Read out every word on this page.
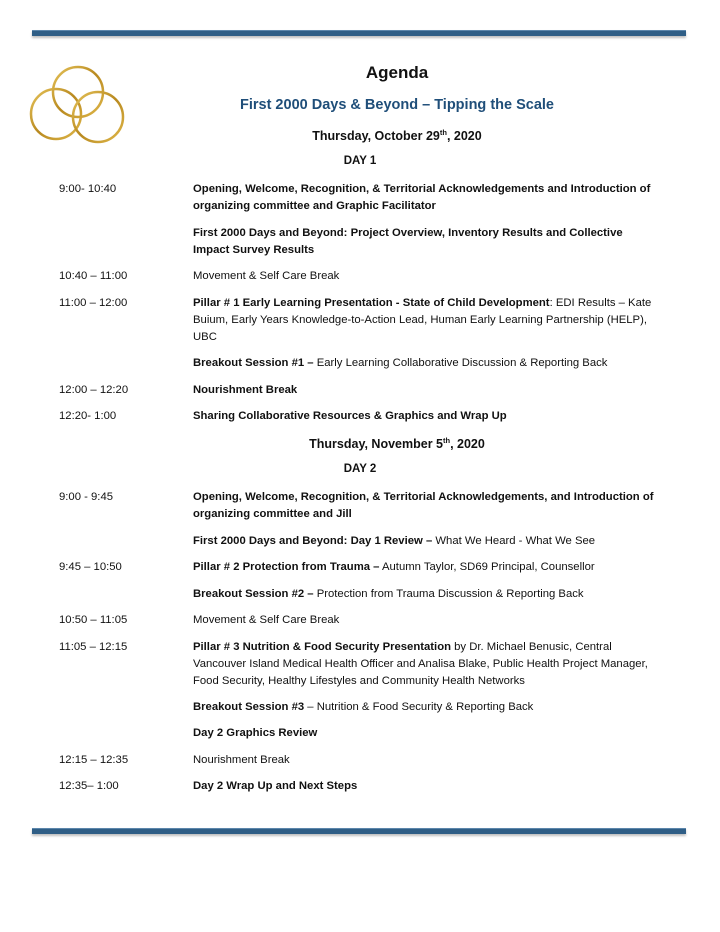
Agenda
First 2000 Days & Beyond – Tipping the Scale
Thursday, October 29th, 2020
DAY 1
Thursday, November 5th, 2020
DAY 2
9:00- 10:40	Opening, Welcome, Recognition, & Territorial Acknowledgements and Introduction of organizing committee and Graphic Facilitator
First 2000 Days and Beyond: Project Overview, Inventory Results and Collective Impact Survey Results
10:40 – 11:00	Movement & Self Care Break
11:00 – 12:00	Pillar # 1 Early Learning Presentation - State of Child Development: EDI Results – Kate Buium, Early Years Knowledge-to-Action Lead, Human Early Learning Partnership (HELP), UBC
Breakout Session #1 – Early Learning Collaborative Discussion & Reporting Back
12:00 – 12:20	Nourishment Break
12:20- 1:00	Sharing Collaborative Resources & Graphics and Wrap Up
9:00 - 9:45	Opening, Welcome, Recognition, & Territorial Acknowledgements, and Introduction of organizing committee and Jill
First 2000 Days and Beyond: Day 1 Review – What We Heard - What We See
9:45 – 10:50	Pillar # 2 Protection from Trauma – Autumn Taylor, SD69 Principal, Counsellor
Breakout Session #2 – Protection from Trauma Discussion & Reporting Back
10:50 – 11:05	Movement & Self Care Break
11:05 – 12:15	Pillar # 3 Nutrition & Food Security Presentation by Dr. Michael Benusic, Central Vancouver Island Medical Health Officer and Analisa Blake, Public Health Project Manager, Food Security, Healthy Lifestyles and Community Health Networks
Breakout Session #3 – Nutrition & Food Security & Reporting Back
Day 2 Graphics Review
12:15 – 12:35	Nourishment Break
12:35– 1:00	Day 2 Wrap Up and Next Steps
